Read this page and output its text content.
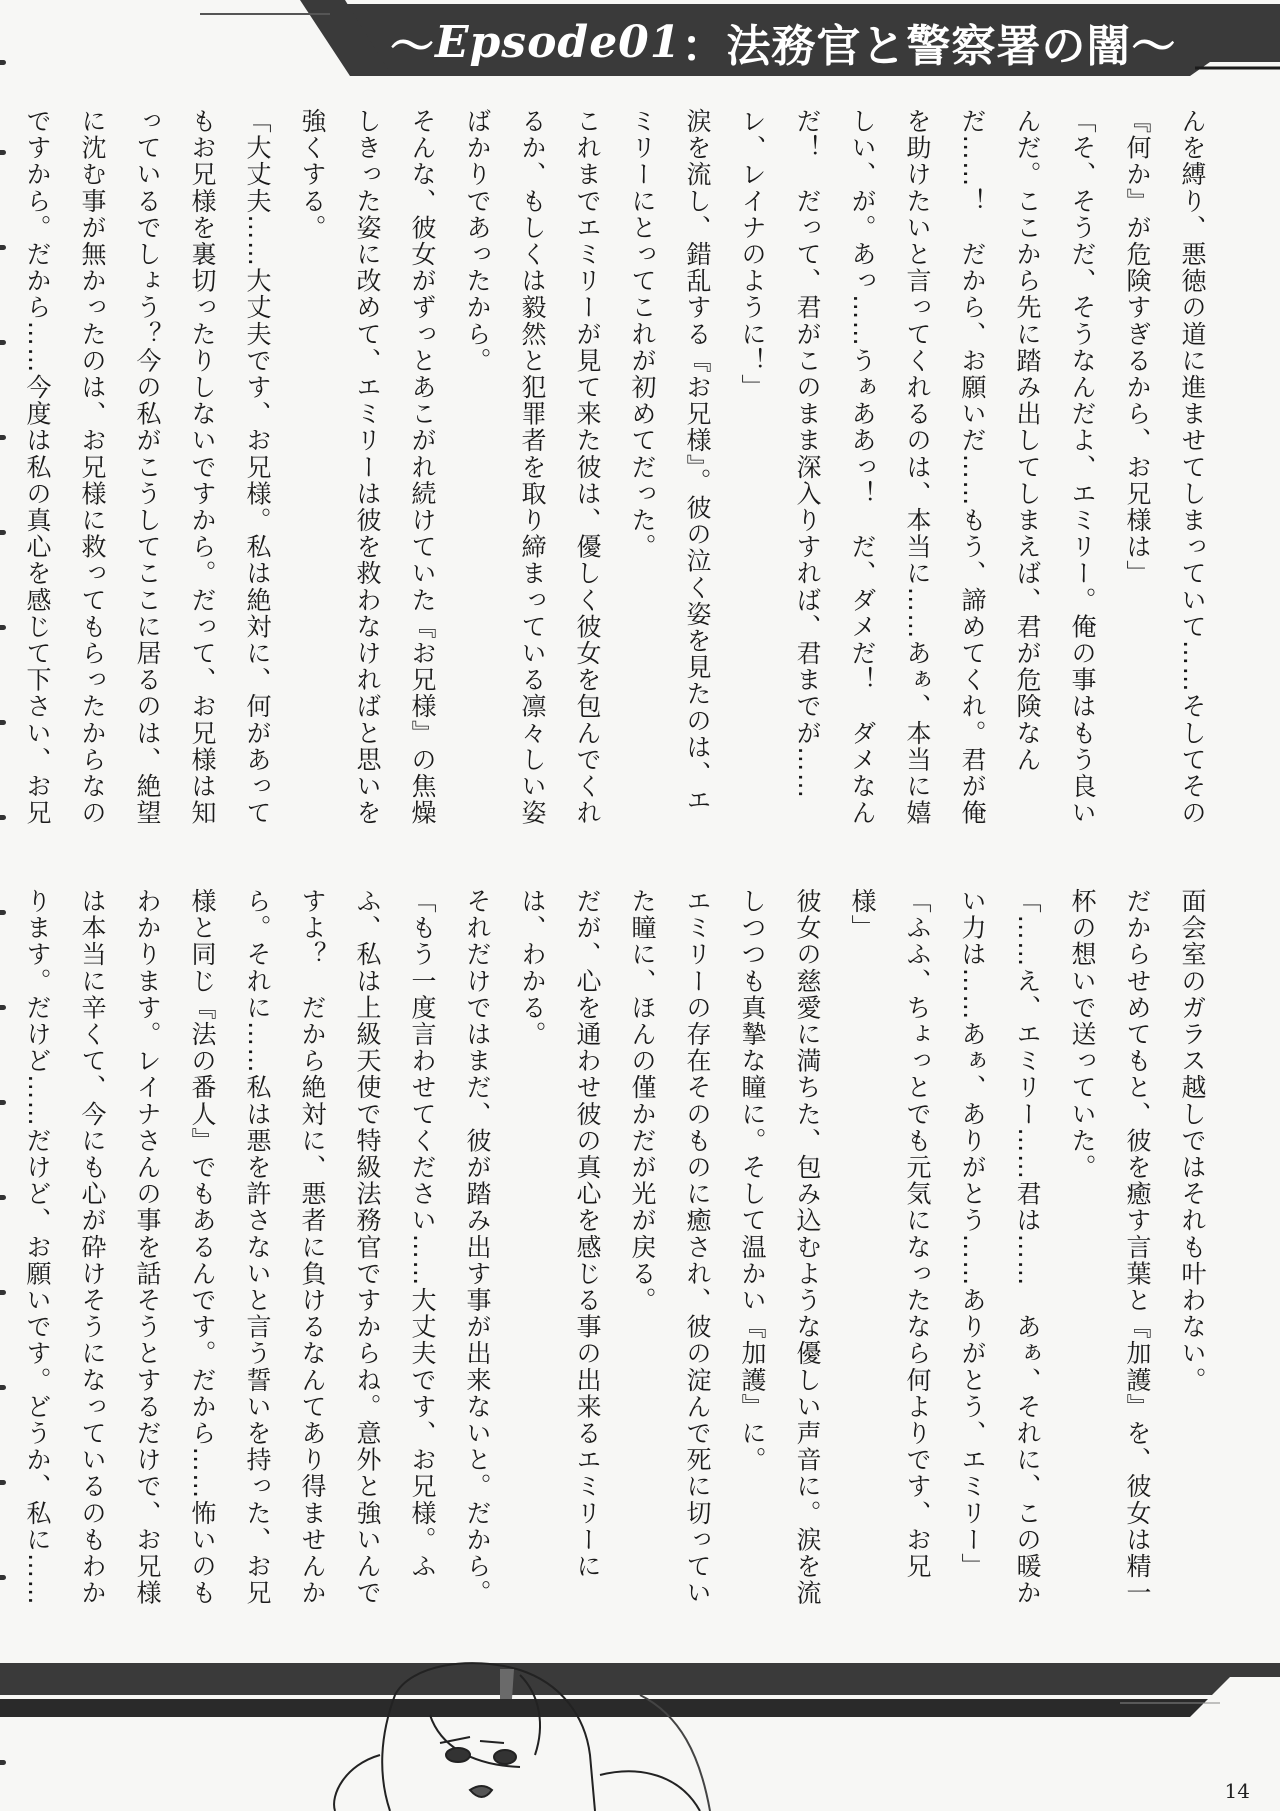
〜 Epsode01 ： 法務官と警察署の闇 〜

んを縛り、悪徳の道に進ませてしまっていて……そしてその『何か』が危険すぎるから、お兄様は」

「そ、そうだ、そうなんだよ、エミリー。俺の事はもう良いんだ。ここから先に踏み出してしまえば、君が危険なんだ……！　だから、お願いだ……もう、諦めてくれ。君が俺を助けたいと言ってくれるのは、本当に……あぁ、本当に嬉しい、が。あっ……うぁああっ！　だ、ダメだ！　ダメなんだ！　だって、君がこのまま深入りすれば、君までが……レ、レイナのように！」

涙を流し、錯乱する『お兄様』。彼の泣く姿を見たのは、エミリーにとってこれが初めてだった。

これまでエミリーが見て来た彼は、優しく彼女を包んでくれるか、もしくは毅然と犯罪者を取り締まっている凛々しい姿ばかりであったから。

そんな、彼女がずっとあこがれ続けていた『お兄様』の焦燥しきった姿に改めて、エミリーは彼を救わなければと思いを強くする。

「大丈夫……大丈夫です、お兄様。私は絶対に、何があってもお兄様を裏切ったりしないですから。だって、お兄様は知っているでしょう？今の私がこうしてここに居るのは、絶望に沈む事が無かったのは、お兄様に救ってもらったからなのですから。だから……今度は私の真心を感じて下さい、お兄　

面会室のガラス越しではそれも叶わない。

だからせめてもと、彼を癒す言葉と『加護』を、彼女は精一杯の想いで送っていた。

「……え、エミリー……君は……　あぁ、それに、この暖かい力は……あぁ、ありがとう……ありがとう、エミリー」

「ふふ、ちょっとでも元気になったなら何よりです、お兄様」

彼女の慈愛に満ちた、包み込むような優しい声音に。涙を流しつつも真摯な瞳に。そして温かい『加護』に。

エミリーの存在そのものに癒され、彼の淀んで死に切っていた瞳に、ほんの僅かだが光が戻る。

だが、心を通わせ彼の真心を感じる事の出来るエミリーには、わかる。

それだけではまだ、彼が踏み出す事が出来ないと。だから。

「もう一度言わせてください……大丈夫です、お兄様。ふふ、私は上級天使で特級法務官ですからね。意外と強いんですよ？　だから絶対に、悪者に負けるなんてあり得ませんから。それに……私は悪を許さないと言う誓いを持った、お兄様と同じ『法の番人』でもあるんです。だから……怖いのもわかります。レイナさんの事を話そうとするだけで、お兄様は本当に辛くて、今にも心が砕けそうになっているのもわかります。だけど……だけど、お願いです。どうか、私に……

14
